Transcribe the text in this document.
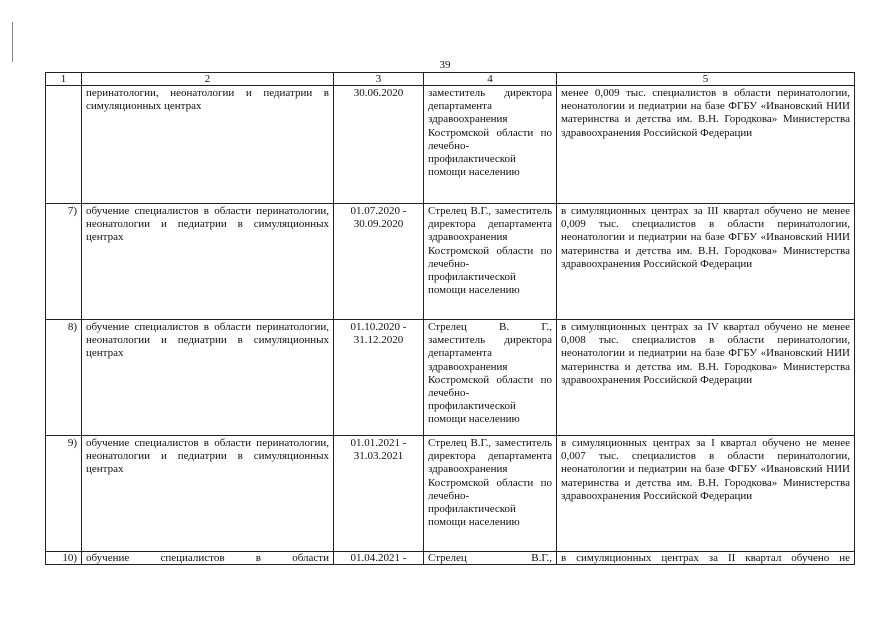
39
1	2	3	4	5
	перинатологии, неонатологии и педиатрии в симуляционных центрах	30.06.2020	заместитель директора департамента здравоохранения Костромской области по лечебно-профилактической помощи населению	менее 0,009 тыс. специалистов в области перинатологии, неонатологии и педиатрии на базе ФГБУ «Ивановский НИИ материнства и детства им. В.Н. Городкова» Министерства здравоохранения Российской Федерации
7)	обучение специалистов в области перинатологии, неонатологии и педиатрии в симуляционных центрах	01.07.2020 - 30.09.2020	Стрелец В.Г., заместитель директора департамента здравоохранения Костромской области по лечебно-профилактической помощи населению	в симуляционных центрах за III квартал обучено не менее 0,009 тыс. специалистов в области перинатологии, неонатологии и педиатрии на базе ФГБУ «Ивановский НИИ материнства и детства им. В.Н. Городкова» Министерства здравоохранения Российской Федерации
8)	обучение специалистов в области перинатологии, неонатологии и педиатрии в симуляционных центрах	01.10.2020 - 31.12.2020	Стрелец В. Г., заместитель директора департамента здравоохранения Костромской области по лечебно-профилактической помощи населению	в симуляционных центрах за IV квартал обучено не менее 0,008 тыс. специалистов в области перинатологии, неонатологии и педиатрии на базе ФГБУ «Ивановский НИИ материнства и детства им. В.Н. Городкова» Министерства здравоохранения Российской Федерации
9)	обучение специалистов в области перинатологии, неонатологии и педиатрии в симуляционных центрах	01.01.2021 - 31.03.2021	Стрелец В.Г., заместитель директора департамента здравоохранения Костромской области по лечебно-профилактической помощи населению	в симуляционных центрах за I квартал обучено не менее 0,007 тыс. специалистов в области перинатологии, неонатологии и педиатрии на базе ФГБУ «Ивановский НИИ материнства и детства им. В.Н. Городкова» Министерства здравоохранения Российской Федерации
10)	обучение специалистов в области	01.04.2021 -	Стрелец В.Г.,	в симуляционных центрах за II квартал обучено не
